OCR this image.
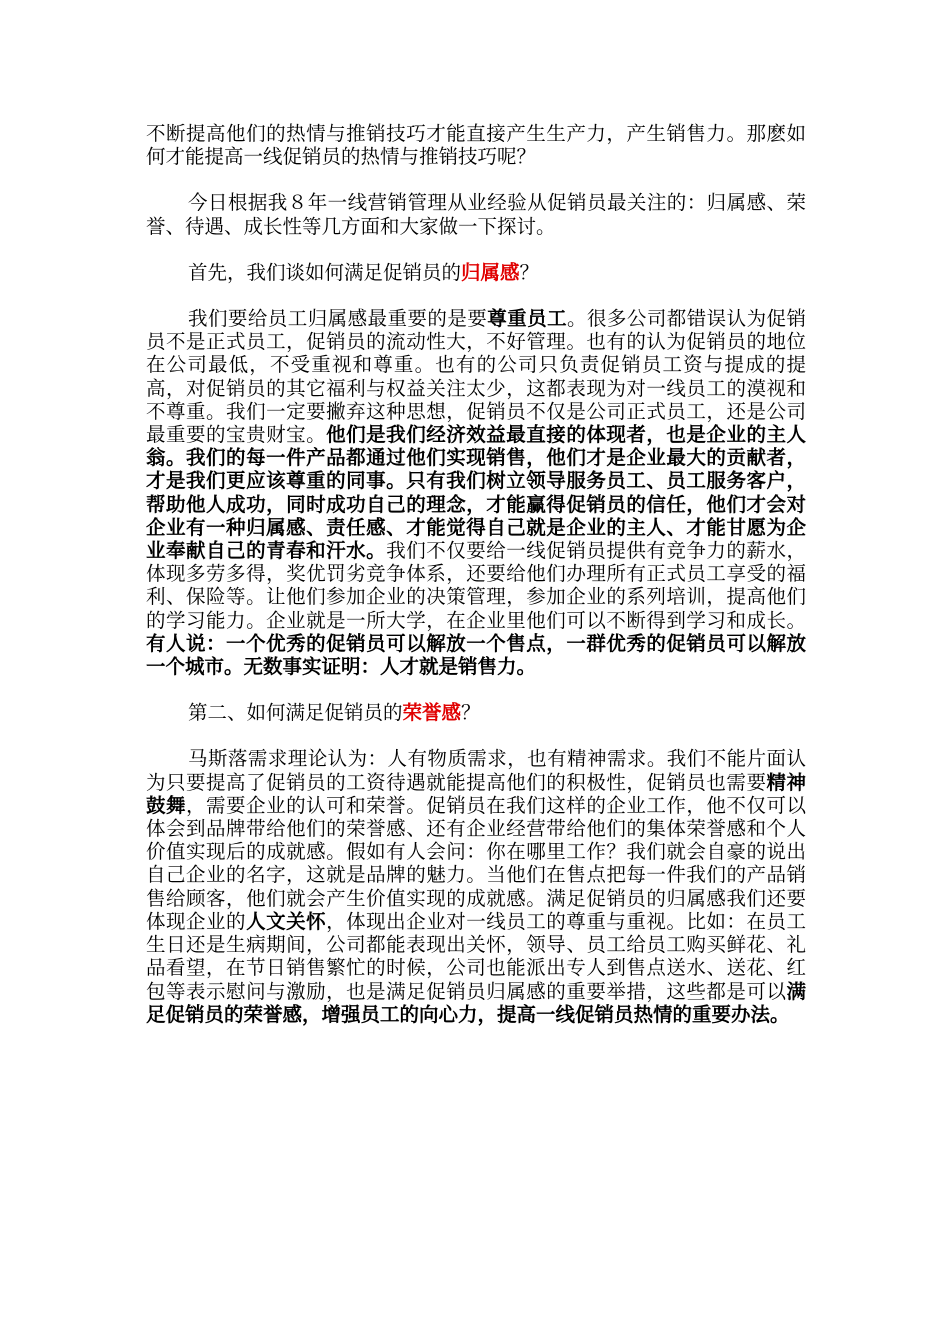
不断提高他们的热情与推销技巧才能直接产生生产力，产生销售力。那麽如何才能提高一线促销员的热情与推销技巧呢？

今日根据我８年一线营销管理从业经验从促销员最关注的：归属感、荣誉、待遇、成长性等几方面和大家做一下探讨。

首先，我们谈如何满足促销员的归属感？

我们要给员工归属感最重要的是要尊重员工。很多公司都错误认为促销员不是正式员工，促销员的流动性大，不好管理。也有的认为促销员的地位在公司最低，不受重视和尊重。也有的公司只负责促销员工资与提成的提高，对促销员的其它福利与权益关注太少，这都表现为对一线员工的漠视和不尊重。我们一定要撇弃这种思想，促销员不仅是公司正式员工，还是公司最重要的宝贵财宝。他们是我们经济效益最直接的体现者，也是企业的主人翁。我们的每一件产品都通过他们实现销售，他们才是企业最大的贡献者，才是我们更应该尊重的同事。只有我们树立领导服务员工、员工服务客户，帮助他人成功，同时成功自己的理念，才能赢得促销员的信任，他们才会对企业有一种归属感、责任感、才能觉得自己就是企业的主人、才能甘愿为企业奉献自己的青春和汗水。我们不仅要给一线促销员提供有竞争力的薪水，体现多劳多得，奖优罚劣竞争体系，还要给他们办理所有正式员工享受的福利、保险等。让他们参加企业的决策管理，参加企业的系列培训，提高他们的学习能力。企业就是一所大学，在企业里他们可以不断得到学习和成长。有人说：一个优秀的促销员可以解放一个售点，一群优秀的促销员可以解放一个城市。无数事实证明：人才就是销售力。

第二、如何满足促销员的荣誉感？

马斯落需求理论认为：人有物质需求，也有精神需求。我们不能片面认为只要提高了促销员的工资待遇就能提高他们的积极性，促销员也需要精神鼓舞，需要企业的认可和荣誉。促销员在我们这样的企业工作，他不仅可以体会到品牌带给他们的荣誉感、还有企业经营带给他们的集体荣誉感和个人价值实现后的成就感。假如有人会问：你在哪里工作？我们就会自豪的说出自己企业的名字，这就是品牌的魅力。当他们在售点把每一件我们的产品销售给顾客，他们就会产生价值实现的成就感。满足促销员的归属感我们还要体现企业的人文关怀，体现出企业对一线员工的尊重与重视。比如：在员工生日还是生病期间，公司都能表现出关怀，领导、员工给员工购买鲜花、礼品看望，在节日销售繁忙的时候，公司也能派出专人到售点送水、送花、红包等表示慰问与激励，也是满足促销员归属感的重要举措，这些都是可以满足促销员的荣誉感，增强员工的向心力，提高一线促销员热情的重要办法。
